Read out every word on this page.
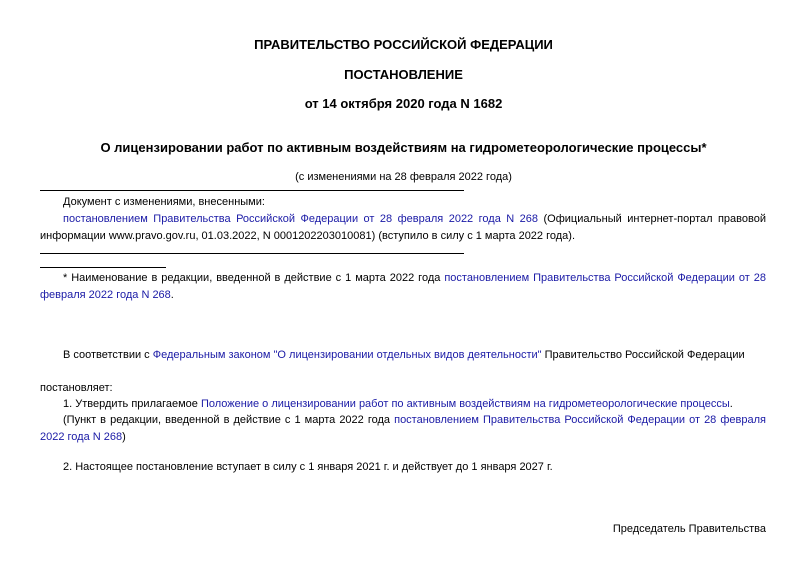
ПРАВИТЕЛЬСТВО РОССИЙСКОЙ ФЕДЕРАЦИИ
ПОСТАНОВЛЕНИЕ
от 14 октября 2020 года N 1682
О лицензировании работ по активным воздействиям на гидрометеорологические процессы*
(с изменениями на 28 февраля 2022 года)
Документ с изменениями, внесенными:
постановлением Правительства Российской Федерации от 28 февраля 2022 года N 268 (Официальный интернет-портал правовой информации www.pravo.gov.ru, 01.03.2022, N 0001202203010081) (вступило в силу с 1 марта 2022 года).
* Наименование в редакции, введенной в действие с 1 марта 2022 года постановлением Правительства Российской Федерации от 28 февраля 2022 года N 268.
В соответствии с Федеральным законом "О лицензировании отдельных видов деятельности" Правительство Российской Федерации
постановляет:
1. Утвердить прилагаемое Положение о лицензировании работ по активным воздействиям на гидрометеорологические процессы.
(Пункт в редакции, введенной в действие с 1 марта 2022 года постановлением Правительства Российской Федерации от 28 февраля 2022 года N 268)
2. Настоящее постановление вступает в силу с 1 января 2021 г. и действует до 1 января 2027 г.
Председатель Правительства
